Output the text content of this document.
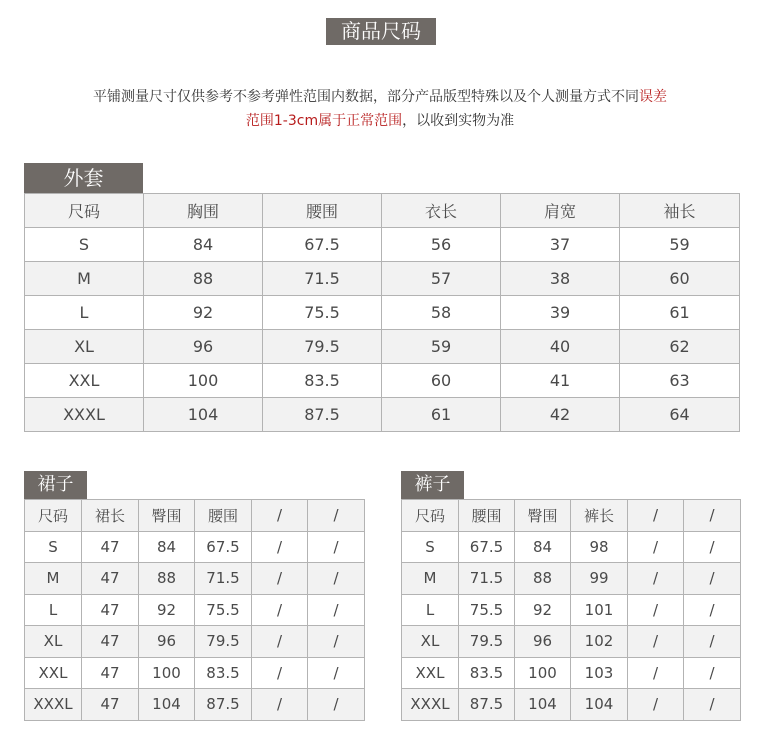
商品尺码
平铺测量尺寸仅供参考不参考弹性范围内数据，部分产品版型特殊以及个人测量方式不同误差
范围1-3cm属于正常范围，以收到实物为准
外套
尺码	胸围	腰围	衣长	肩宽	袖长
S	84	67.5	56	37	59
M	88	71.5	57	38	60
L	92	75.5	58	39	61
XL	96	79.5	59	40	62
XXL	100	83.5	60	41	63
XXXL	104	87.5	61	42	64
裙子
尺码	裙长	臀围	腰围	/	/
S	47	84	67.5	/	/
M	47	88	71.5	/	/
L	47	92	75.5	/	/
XL	47	96	79.5	/	/
XXL	47	100	83.5	/	/
XXXL	47	104	87.5	/	/
裤子
尺码	腰围	臀围	裤长	/	/
S	67.5	84	98	/	/
M	71.5	88	99	/	/
L	75.5	92	101	/	/
XL	79.5	96	102	/	/
XXL	83.5	100	103	/	/
XXXL	87.5	104	104	/	/
